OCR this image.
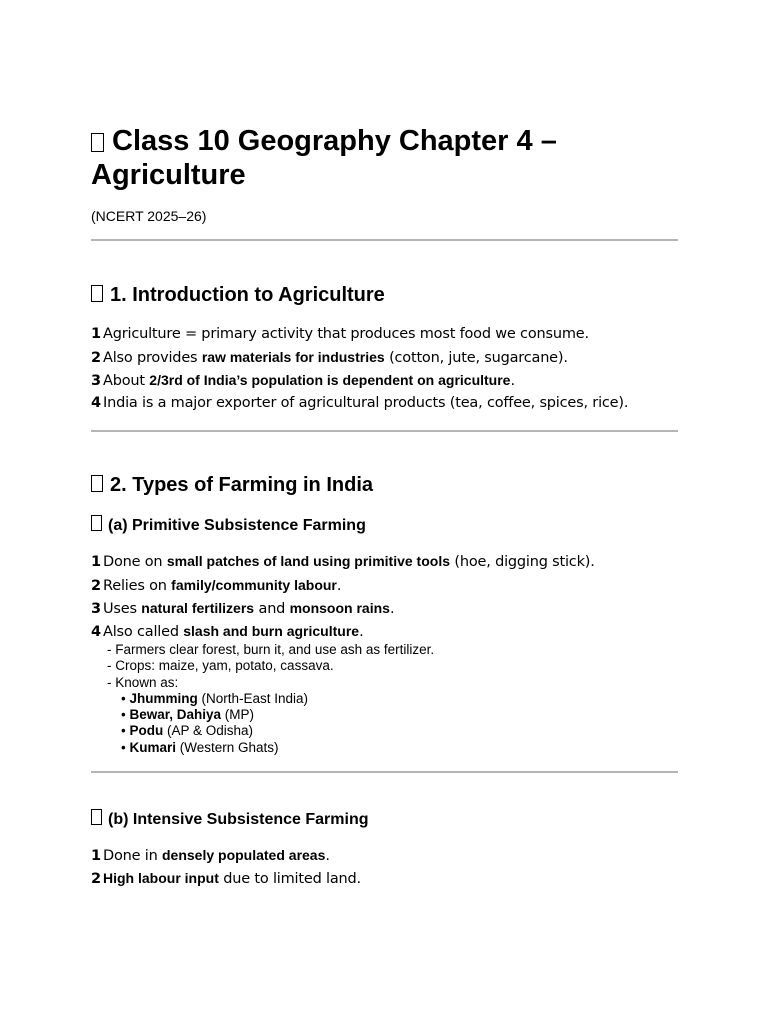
Class 10 Geography Chapter 4 – Agriculture
(NCERT 2025–26)
1. Introduction to Agriculture
1 Agriculture = primary activity that produces most food we consume.
2 Also provides raw materials for industries (cotton, jute, sugarcane).
3 About 2/3rd of India’s population is dependent on agriculture.
4 India is a major exporter of agricultural products (tea, coffee, spices, rice).
2. Types of Farming in India
(a) Primitive Subsistence Farming
1 Done on small patches of land using primitive tools (hoe, digging stick).
2 Relies on family/community labour.
3 Uses natural fertilizers and monsoon rains.
4 Also called slash and burn agriculture.
- Farmers clear forest, burn it, and use ash as fertilizer.
- Crops: maize, yam, potato, cassava.
- Known as:
• Jhumming (North-East India)
• Bewar, Dahiya (MP)
• Podu (AP & Odisha)
• Kumari (Western Ghats)
(b) Intensive Subsistence Farming
1 Done in densely populated areas.
2 High labour input due to limited land.
